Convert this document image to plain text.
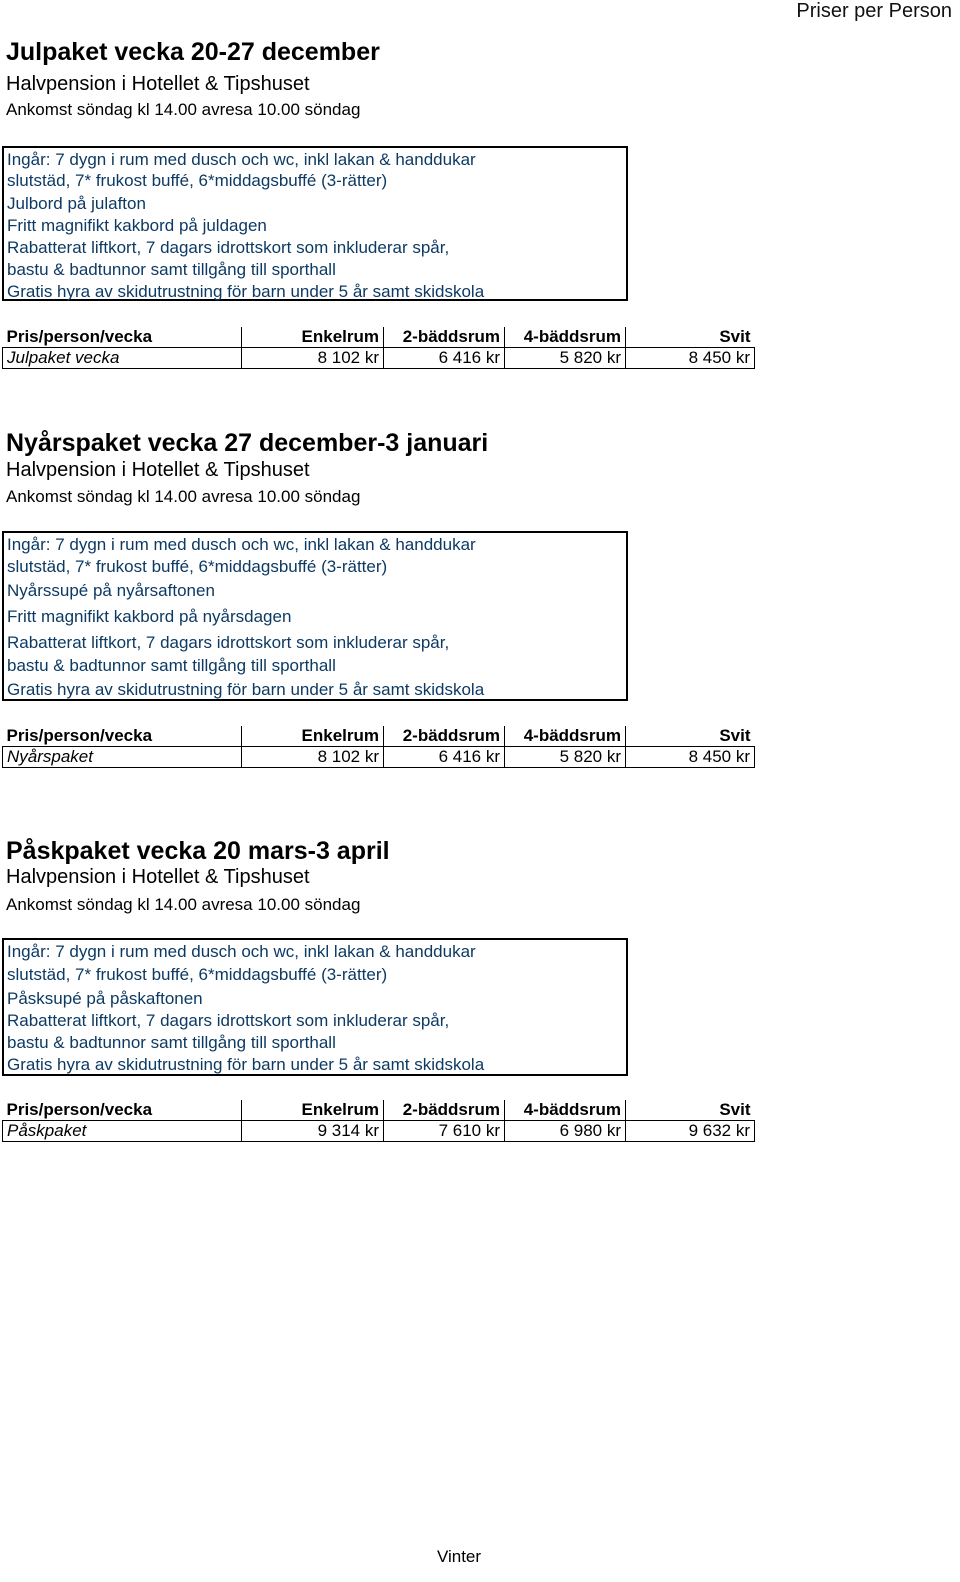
Priser per Person
Julpaket vecka 20-27 december
Halvpension i Hotellet & Tipshuset
Ankomst söndag kl 14.00 avresa 10.00 söndag
Ingår: 7 dygn i rum med dusch och wc, inkl lakan & handdukar
slutstäd, 7* frukost buffé, 6*middagsbuffé (3-rätter)
Julbord på julafton
Fritt magnifikt kakbord på juldagen
Rabatterat liftkort, 7 dagars idrottskort som inkluderar spår,
bastu & badtunnor samt tillgång till sporthall
Gratis hyra av skidutrustning för barn under 5 år samt skidskola
Pris/person/vecka	Enkelrum	2-bäddsrum	4-bäddsrum	Svit
Julpaket vecka	8 102 kr	6 416 kr	5 820 kr	8 450 kr
Nyårspaket vecka 27 december-3 januari
Halvpension i Hotellet & Tipshuset
Ankomst söndag kl 14.00 avresa 10.00 söndag
Ingår: 7 dygn i rum med dusch och wc, inkl lakan & handdukar
slutstäd, 7* frukost buffé, 6*middagsbuffé (3-rätter)
Nyårssupé på nyårsaftonen
Fritt magnifikt kakbord på nyårsdagen
Rabatterat liftkort, 7 dagars idrottskort som inkluderar spår,
bastu & badtunnor samt tillgång till sporthall
Gratis hyra av skidutrustning för barn under 5 år samt skidskola
Pris/person/vecka	Enkelrum	2-bäddsrum	4-bäddsrum	Svit
Nyårspaket	8 102 kr	6 416 kr	5 820 kr	8 450 kr
Påskpaket vecka 20 mars-3 april
Halvpension i Hotellet & Tipshuset
Ankomst söndag kl 14.00 avresa 10.00 söndag
Ingår: 7 dygn i rum med dusch och wc, inkl lakan & handdukar
slutstäd, 7* frukost buffé, 6*middagsbuffé (3-rätter)
Påsksupé på påskaftonen
Rabatterat liftkort, 7 dagars idrottskort som inkluderar spår,
bastu & badtunnor samt tillgång till sporthall
Gratis hyra av skidutrustning för barn under 5 år samt skidskola
Pris/person/vecka	Enkelrum	2-bäddsrum	4-bäddsrum	Svit
Påskpaket	9 314 kr	7 610 kr	6 980 kr	9 632 kr
Vinter
